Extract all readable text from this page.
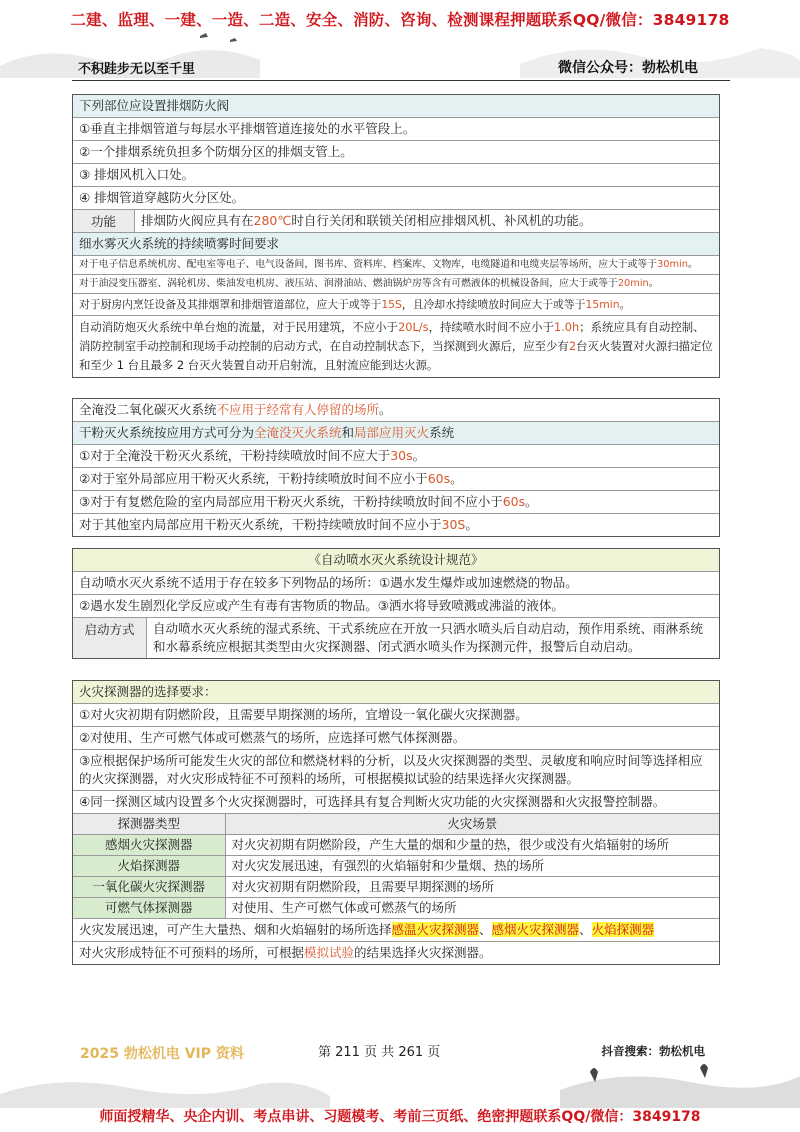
二建、监理、一建、一造、二造、安全、消防、咨询、检测课程押题联系QQ/微信：3849178
不积跬步无以至千里	微信公众号：勃松机电
下列部位应设置排烟防火阀
①垂直主排烟管道与每层水平排烟管道连接处的水平管段上。
②一个排烟系统负担多个防烟分区的排烟支管上。
③ 排烟风机入口处。
④ 排烟管道穿越防火分区处。
功能	排烟防火阀应具有在280℃时自行关闭和联锁关闭相应排烟风机、补风机的功能。
细水雾灭火系统的持续喷雾时间要求
对于电子信息系统机房、配电室等电子、电气设备间，图书库、资料库、档案库、文物库，电缆隧道和电缆夹层等场所，应大于或等于30min。
对于油浸变压器室、涡轮机房、柴油发电机房、液压站、润滑油站、燃油锅炉房等含有可燃液体的机械设备间，应大于或等于20min。
对于厨房内烹饪设备及其排烟罩和排烟管道部位，应大于或等于15S，且冷却水持续喷放时间应大于或等于15min。
自动消防炮灭火系统中单台炮的流量，对于民用建筑，不应小于20L/s，持续喷水时间不应小于1.0h；系统应具有自动控制、消防控制室手动控制和现场手动控制的启动方式，在自动控制状态下，当探测到火源后，应至少有2台灭火装置对火源扫描定位和至少 1 台且最多 2 台灭火装置自动开启射流，且射流应能到达火源。
全淹没二氧化碳灭火系统不应用于经常有人停留的场所。
干粉灭火系统按应用方式可分为全淹没灭火系统和局部应用灭火系统
①对于全淹没干粉灭火系统，干粉持续喷放时间不应大于30s。
②对于室外局部应用干粉灭火系统，干粉持续喷放时间不应小于60s。
③对于有复燃危险的室内局部应用干粉灭火系统，干粉持续喷放时间不应小于60s。
对于其他室内局部应用干粉灭火系统，干粉持续喷放时间不应小于30S。
《自动喷水灭火系统设计规范》
自动喷水灭火系统不适用于存在较多下列物品的场所：①遇水发生爆炸或加速燃烧的物品。
②遇水发生剧烈化学反应或产生有毒有害物质的物品。③洒水将导致喷溅或沸溢的液体。
启动方式	自动喷水灭火系统的湿式系统、干式系统应在开放一只洒水喷头后自动启动，预作用系统、雨淋系统和水幕系统应根据其类型由火灾探测器、闭式洒水喷头作为探测元件，报警后自动启动。
火灾探测器的选择要求：
①对火灾初期有阴燃阶段，且需要早期探测的场所，宜增设一氧化碳火灾探测器。
②对使用、生产可燃气体或可燃蒸气的场所，应选择可燃气体探测器。
③应根据保护场所可能发生火灾的部位和燃烧材料的分析，以及火灾探测器的类型、灵敏度和响应时间等选择相应的火灾探测器，对火灾形成特征不可预料的场所，可根据模拟试验的结果选择火灾探测器。
④同一探测区域内设置多个火灾探测器时，可选择具有复合判断火灾功能的火灾探测器和火灾报警控制器。
探测器类型	火灾场景
感烟火灾探测器	对火灾初期有阴燃阶段，产生大量的烟和少量的热，很少或没有火焰辐射的场所
火焰探测器	对火灾发展迅速，有强烈的火焰辐射和少量烟、热的场所
一氧化碳火灾探测器	对火灾初期有阴燃阶段，且需要早期探测的场所
可燃气体探测器	对使用、生产可燃气体或可燃蒸气的场所
火灾发展迅速，可产生大量热、烟和火焰辐射的场所选择感温火灾探测器、感烟火灾探测器、火焰探测器
对火灾形成特征不可预料的场所，可根据模拟试验的结果选择火灾探测器。
2025 勃松机电 VIP 资料	第 211 页 共 261 页	抖音搜索：勃松机电
师面授精华、央企内训、考点串讲、习题模考、考前三页纸、绝密押题联系QQ/微信：3849178
